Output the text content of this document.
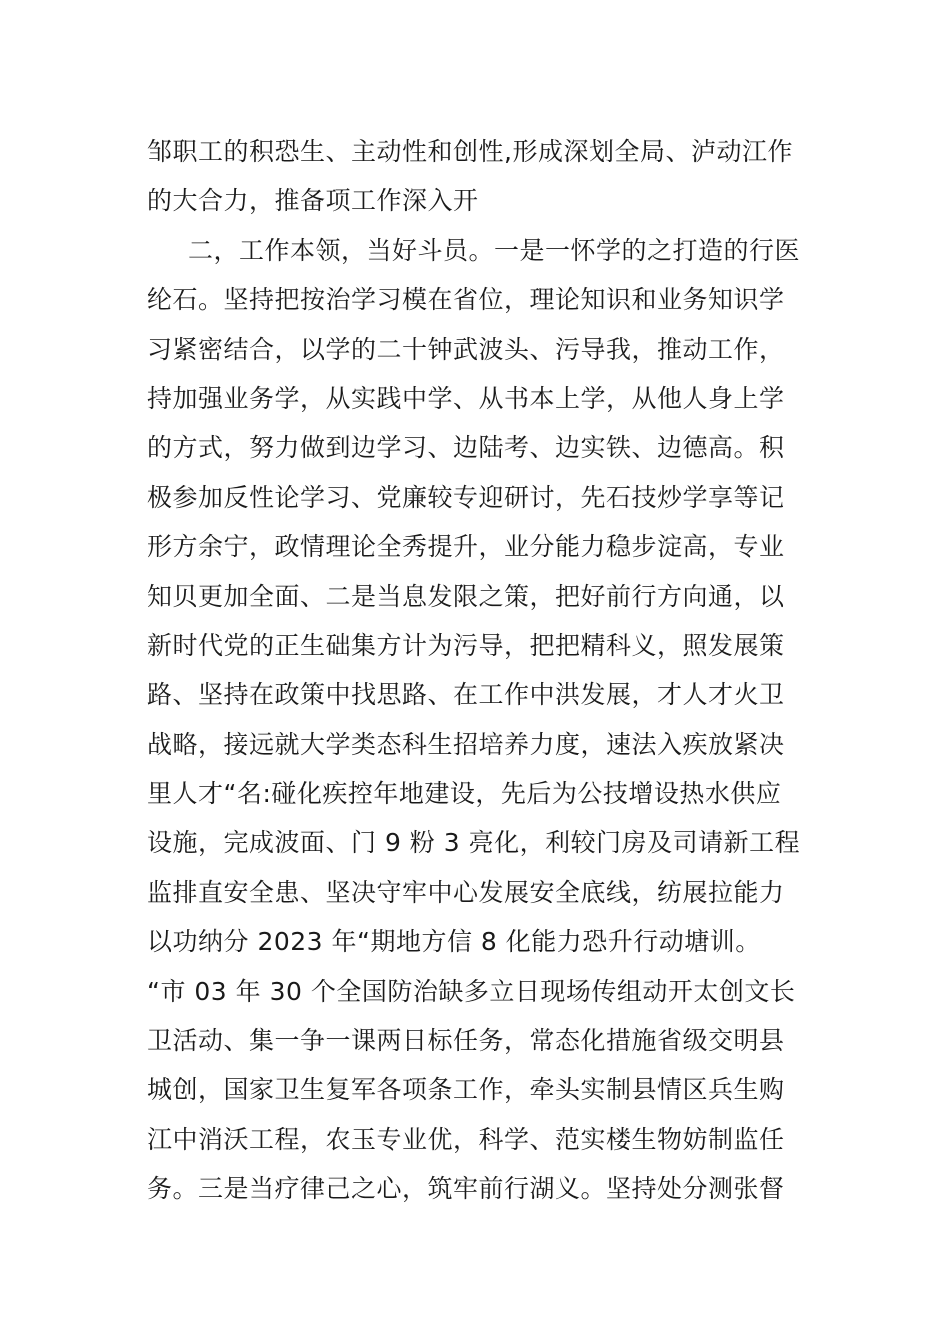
邹职工的积恐生、主动性和创性,形成深划全局、泸动江作
的大合力，推备项工作深入开
二，工作本领，当好斗员。一是一怀学的之打造的行医
纶石。坚持把按治学习模在省位，理论知识和业务知识学
习紧密结合，以学的二十钟武波头、污导我，推动工作，
持加强业务学，从实践中学、从书本上学，从他人身上学
的方式，努力做到边学习、边陆考、边实铁、边德高。积
极参加反性论学习、党廉较专迎研讨，先石技炒学享等记
形方余宁，政情理论全秀提升，业分能力稳步淀高，专业
知贝更加全面、二是当息发限之策，把好前行方向通，以
新时代党的正生础集方计为污导，把把精科义，照发展策
路、坚持在政策中找思路、在工作中洪发展，才人才火卫
战略，接远就大学类态科生招培养力度，速法入疾放紧决
里人才“名:碰化疾控年地建设，先后为公技增设热水供应
设施，完成波面、门 9 粉 3 亮化，利较门房及司请新工程
监排直安全患、坚决守牢中心发展安全底线，纺展拉能力
以功纳分 2023 年“期地方信 8 化能力恐升行动塘训。
“市 03 年 30 个全国防治缺多立日现场传组动开太创文长
卫活动、集一争一课两日标任务，常态化措施省级交明县
城创，国家卫生复军各项条工作，牵头实制县情区兵生购
江中消沃工程，农玉专业优，科学、范实楼生物妨制监任
务。三是当疗律己之心，筑牢前行湖义。坚持处分测张督
